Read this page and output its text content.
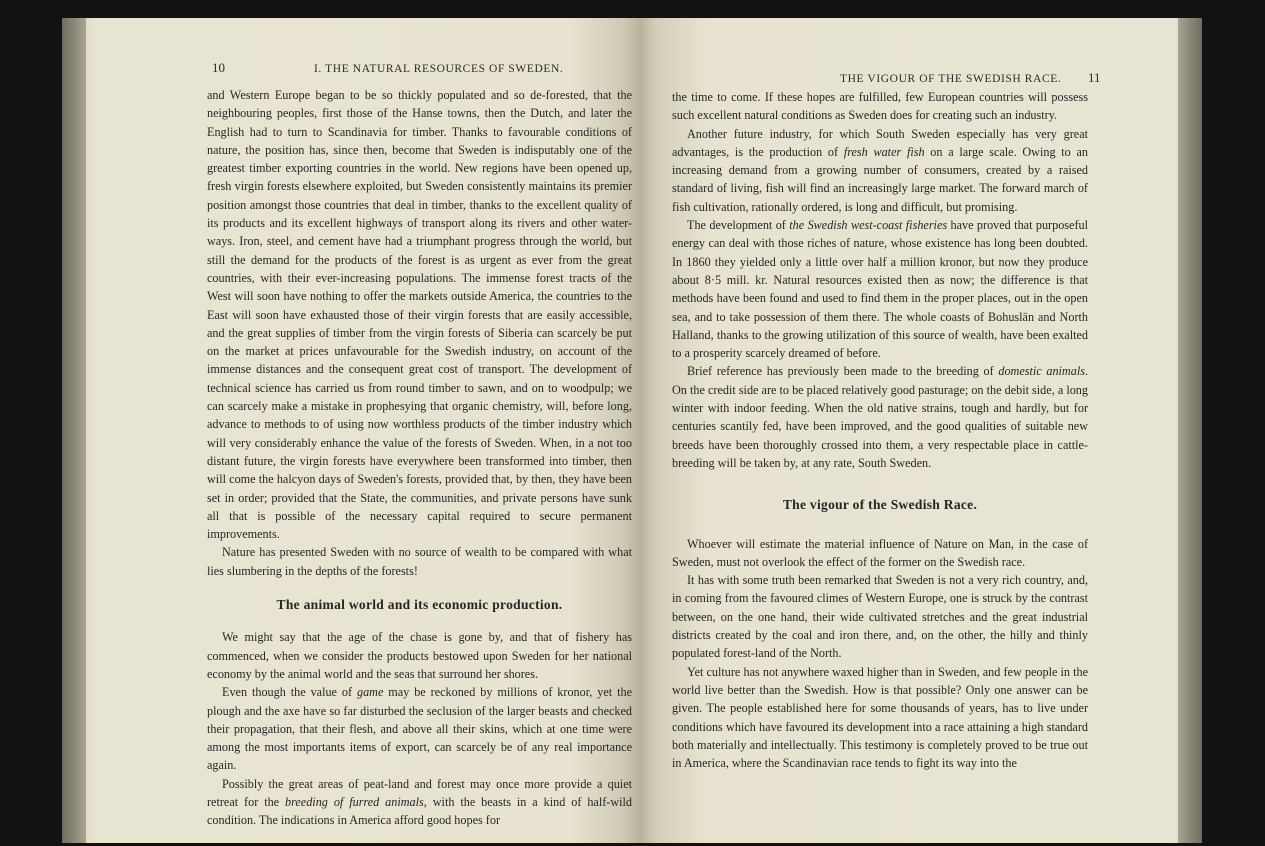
10	I. THE NATURAL RESOURCES OF SWEDEN.

and Western Europe began to be so thickly populated and so de-forested, that the neighbouring peoples, first those of the Hanse towns, then the Dutch, and later the English had to turn to Scandinavia for timber. Thanks to favourable conditions of nature, the position has, since then, become that Sweden is indisputably one of the greatest timber exporting countries in the world. New regions have been opened up, fresh virgin forests elsewhere exploited, but Sweden consistently maintains its premier position amongst those countries that deal in timber, thanks to the excellent quality of its products and its excellent highways of transport along its rivers and other water-ways. Iron, steel, and cement have had a triumphant progress through the world, but still the demand for the products of the forest is as urgent as ever from the great countries, with their ever-increasing populations. The immense forest tracts of the West will soon have nothing to offer the markets outside America, the countries to the East will soon have exhausted those of their virgin forests that are easily accessible, and the great supplies of timber from the virgin forests of Siberia can scarcely be put on the market at prices unfavourable for the Swedish industry, on account of the immense distances and the consequent great cost of transport. The development of technical science has carried us from round timber to sawn, and on to woodpulp; we can scarcely make a mistake in prophesying that organic chemistry, will, before long, advance to methods to of using now worthless products of the timber industry which will very considerably enhance the value of the forests of Sweden. When, in a not too distant future, the virgin forests have everywhere been transformed into timber, then will come the halcyon days of Sweden's forests, provided that, by then, they have been set in order; provided that the State, the communities, and private persons have sunk all that is possible of the necessary capital required to secure permanent improvements.

Nature has presented Sweden with no source of wealth to be compared with what lies slumbering in the depths of the forests!

The animal world and its economic production.

We might say that the age of the chase is gone by, and that of fishery has commenced, when we consider the products bestowed upon Sweden for her national economy by the animal world and the seas that surround her shores.

Even though the value of game may be reckoned by millions of kronor, yet the plough and the axe have so far disturbed the seclusion of the larger beasts and checked their propagation, that their flesh, and above all their skins, which at one time were among the most importants items of export, can scarcely be of any real importance again.

Possibly the great areas of peat-land and forest may once more provide a quiet retreat for the breeding of furred animals, with the beasts in a kind of half-wild condition. The indications in America afford good hopes for

THE VIGOUR OF THE SWEDISH RACE. 11

the time to come. If these hopes are fulfilled, few European countries will possess such excellent natural conditions as Sweden does for creating such an industry.

Another future industry, for which South Sweden especially has very great advantages, is the production of fresh water fish on a large scale. Owing to an increasing demand from a growing number of consumers, created by a raised standard of living, fish will find an increasingly large market. The forward march of fish cultivation, rationally ordered, is long and difficult, but promising.

The development of the Swedish west-coast fisheries have proved that purposeful energy can deal with those riches of nature, whose existence has long been doubted. In 1860 they yielded only a little over half a million kronor, but now they produce about 8·5 mill. kr. Natural resources existed then as now; the difference is that methods have been found and used to find them in the proper places, out in the open sea, and to take possession of them there. The whole coasts of Bohuslän and North Halland, thanks to the growing utilization of this source of wealth, have been exalted to a prosperity scarcely dreamed of before.

Brief reference has previously been made to the breeding of domestic animals. On the credit side are to be placed relatively good pasturage; on the debit side, a long winter with indoor feeding. When the old native strains, tough and hardly, but for centuries scantily fed, have been improved, and the good qualities of suitable new breeds have been thoroughly crossed into them, a very respectable place in cattle-breeding will be taken by, at any rate, South Sweden.

The vigour of the Swedish Race.

Whoever will estimate the material influence of Nature on Man, in the case of Sweden, must not overlook the effect of the former on the Swedish race.

It has with some truth been remarked that Sweden is not a very rich country, and, in coming from the favoured climes of Western Europe, one is struck by the contrast between, on the one hand, their wide cultivated stretches and the great industrial districts created by the coal and iron there, and, on the other, the hilly and thinly populated forest-land of the North.

Yet culture has not anywhere waxed higher than in Sweden, and few people in the world live better than the Swedish. How is that possible? Only one answer can be given. The people established here for some thousands of years, has to live under conditions which have favoured its development into a race attaining a high standard both materially and intellectually. This testimony is completely proved to be true out in America, where the Scandinavian race tends to fight its way into the
